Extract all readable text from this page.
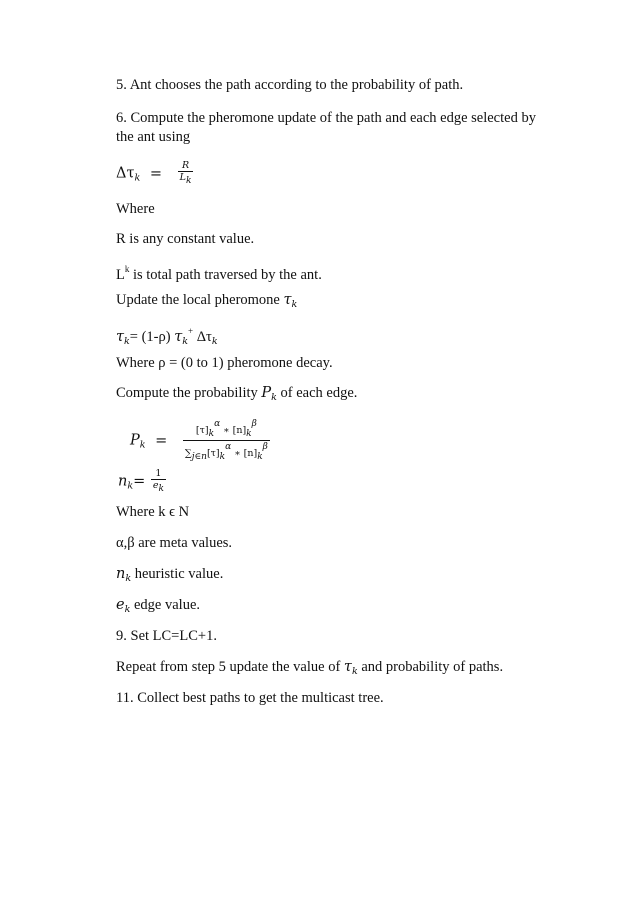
5. Ant chooses the path according to the probability of path.
6. Compute the pheromone update of the path and each edge selected by
the ant using
$\Delta\tau_k = \frac{R}{Lk}$
Where
R is any constant value.
$L^k$ is total path traversed by the ant.
Update the local pheromone $\tau_k$
$\tau_k= (1-\rho)$ $\tau_k^+$ $\Delta\tau_k$
Where ρ = (0 to 1) pheromone decay.
Compute the probability $P_k$ of each edge.
$P_k = \frac{[\tau]k\alpha ∗ [n]k\beta}{\sum j\in n[\tau]k\alpha ∗ [n]k\beta}$
$n_k= \frac{1}{ek}$
Where k ϵ N
α,β are meta values.
$n_k$ heuristic value.
$e_k$ edge value.
9. Set LC=LC+1.
Repeat from step 5 update the value of $\tau_k$ and probability of paths.
11. Collect best paths to get the multicast tree.
